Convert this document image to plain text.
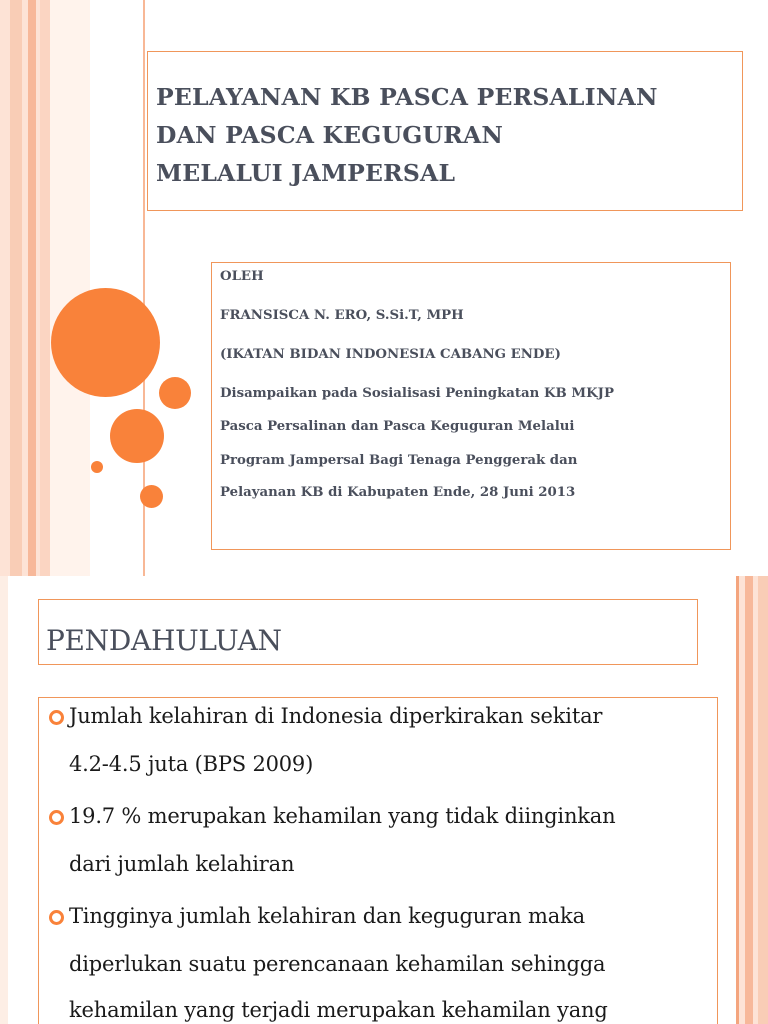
PELAYANAN KB PASCA PERSALINAN
DAN PASCA KEGUGURAN
MELALUI JAMPERSAL

OLEH

FRANSISCA N. ERO, S.Si.T, MPH

(IKATAN BIDAN INDONESIA CABANG ENDE)

Disampaikan pada Sosialisasi Peningkatan KB MKJP

Pasca Persalinan dan Pasca Keguguran Melalui

Program Jampersal Bagi Tenaga Penggerak dan

Pelayanan KB di Kabupaten Ende, 28 Juni 2013

PENDAHULUAN
Jumlah kelahiran di Indonesia diperkirakan sekitar
4.2-4.5 juta (BPS 2009)
19.7 % merupakan kehamilan yang tidak diinginkan
dari jumlah kelahiran
Tingginya jumlah kelahiran dan keguguran maka
diperlukan suatu perencanaan kehamilan sehingga
kehamilan yang terjadi merupakan kehamilan yang
